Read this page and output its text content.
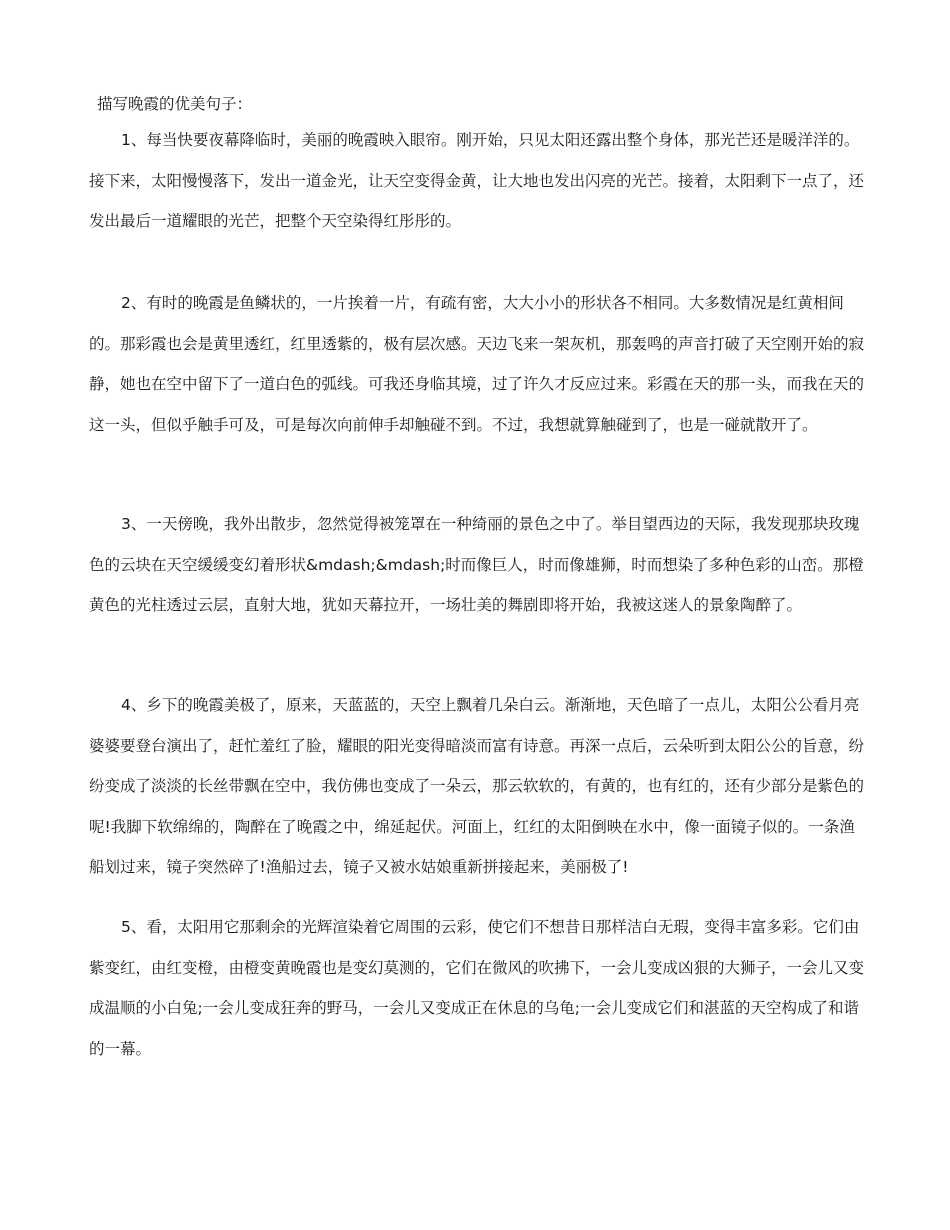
描写晚霞的优美句子：

1、每当快要夜幕降临时，美丽的晚霞映入眼帘。刚开始，只见太阳还露出整个身体，那光芒还是暖洋洋的。接下来，太阳慢慢落下，发出一道金光，让天空变得金黄，让大地也发出闪亮的光芒。接着，太阳剩下一点了，还发出最后一道耀眼的光芒，把整个天空染得红彤彤的。

2、有时的晚霞是鱼鳞状的，一片挨着一片，有疏有密，大大小小的形状各不相同。大多数情况是红黄相间的。那彩霞也会是黄里透红，红里透紫的，极有层次感。天边飞来一架灰机，那轰鸣的声音打破了天空刚开始的寂静，她也在空中留下了一道白色的弧线。可我还身临其境，过了许久才反应过来。彩霞在天的那一头，而我在天的这一头，但似乎触手可及，可是每次向前伸手却触碰不到。不过，我想就算触碰到了，也是一碰就散开了。

3、一天傍晚，我外出散步，忽然觉得被笼罩在一种绮丽的景色之中了。举目望西边的天际，我发现那块玫瑰色的云块在天空缓缓变幻着形状&mdash;&mdash;时而像巨人，时而像雄狮，时而想染了多种色彩的山峦。那橙黄色的光柱透过云层，直射大地，犹如天幕拉开，一场壮美的舞剧即将开始，我被这迷人的景象陶醉了。

4、乡下的晚霞美极了，原来，天蓝蓝的，天空上飘着几朵白云。渐渐地，天色暗了一点儿，太阳公公看月亮婆婆要登台演出了，赶忙羞红了脸，耀眼的阳光变得暗淡而富有诗意。再深一点后，云朵听到太阳公公的旨意，纷纷变成了淡淡的长丝带飘在空中，我仿佛也变成了一朵云，那云软软的，有黄的，也有红的，还有少部分是紫色的呢!我脚下软绵绵的，陶醉在了晚霞之中，绵延起伏。河面上，红红的太阳倒映在水中，像一面镜子似的。一条渔船划过来，镜子突然碎了!渔船过去，镜子又被水姑娘重新拼接起来，美丽极了!

5、看，太阳用它那剩余的光辉渲染着它周围的云彩，使它们不想昔日那样洁白无瑕，变得丰富多彩。它们由紫变红，由红变橙，由橙变黄晚霞也是变幻莫测的，它们在微风的吹拂下，一会儿变成凶狠的大狮子，一会儿又变成温顺的小白兔;一会儿变成狂奔的野马，一会儿又变成正在休息的乌龟;一会儿变成它们和湛蓝的天空构成了和谐的一幕。
